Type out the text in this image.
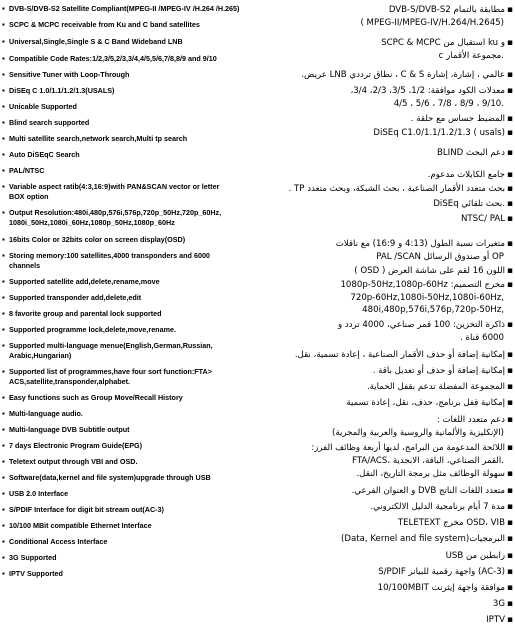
▪ DVB-S/DVB-S2 Satellite Compliant(MPEG-II /MPEG-IV /H.264 /H.265)
▪ SCPC & MCPC receivable from Ku and C band satellites
▪ Universal,Single,Single S & C Band Wideband LNB
▪ Compatible Code Rates:1/2,3/5,2/3,3/4,4/5,5/6,7/8,8/9 and 9/10
▪ Sensitive Tuner with Loop-Through
▪ DiSEq C 1.0/1.1/1.2/1.3(USALS)
▪ Unicable Supported
▪ Blind search supported
▪ Multi satellite search,network search,Multi tp search
▪ Auto DiSEqC Search
▪ PAL/NTSC
▪ Variable aspect ratib(4:3,16:9)with PAN&SCAN vector or letter
BOX option
▪ Output Resolution:480i,480p,576i,576p,720p_50Hz,720p_60Hz,
1080i_50Hz,1080i_60Hz,1080p_50Hz,1080p_60Hz
▪ 16bits Color or 32bits color on screen display(OSD)
▪ Storing memory:100 satellites,4000 transponders and 6000
channels
▪ Supported satellite add,delete,rename,move
▪ Supported transponder add,delete,edit
▪ 8 favorite group and parental lock supported
▪ Supported programme lock,delete,move,rename.
▪ Supported multi-language menue(English,German,Russian,
Arabic,Hungarian)
▪ Supported list of programmes,have four sort function:FTA>
ACS,satellite,transponder,alphabet.
▪ Easy functions such as Group Move/Recall History
▪ Multi-language audio.
▪ Multi-language DVB Subtitle output
▪ 7 days Electronic Program Guide(EPG)
▪ Teletext output through VBI and OSD.
▪ Software(data,kernel and file system)upgrade through USB
▪ USB 2.0 Interface
▪ S/PDIF Interface for digit bit stream out(AC-3)
▪ 10/100 MBit compatible Ethernet Interface
▪ Conditional Access Interface
▪ 3G Supported
▪ IPTV Supported
▪مطابقة بالتمام DVB-S/DVB-S2
( MPEG-II/MPEG-IV/H.264/H.2645)
▪SCPC & MCPC استقبال من ku و
c مجموعة الأقمار.
▪عالمي ، إشارة، إشارة C & S ، نطاق ترددي LNB عريض.
▪معدلات الكود موافقة: 1/2، 3/5، 2/3، 3/4،
4/5 ، 5/6 ، 7/8 ، 8/9 ، 9/10.
▪المضبط حساس مع حلقة .
▪DiSEq C1.0/1.1/1.2/1.3 ( usals)
▪BLIND دعم البحث
▪جامع الكابلات مدعوم.
▪بحث متعدد الأقمار الصناعية ، بحث الشبكة، وبحث متعدد TP .
▪DiSEq بحث تلقائي.
▪NTSC/ PAL
▪متغيرات نسبة الطول (4:13 و 16:9) مع ناقلات
PAL /SCAN أو صندوق الرسائل OP
▪اللون 16 لقم على شاشة العرض ( OSD )
▪مخرج التصميم: 1080p-50Hz,1080p-60Hz
720p-60Hz,1080i-50Hz,1080i-60Hz,
480i,480p,576i,576p,720p-50Hz,
▪ذاكرة التخزين: 100 قمر صناعي، 4000 تردد و
6000 قناة .
▪إمكانية إضافة أو حذف الأقمار الصناعية ، إعادة تسمية، نقل.
▪إمكانية إضافة أو حذف أو تعديل باقة .
▪المجموعة المفضلة تدعم بقفل الحماية.
▪إمكانية قفل برنامج، حذف، نقل، إعادة تسمية
▪دعم متعدد اللغات :
(الإنكليزية والألمانية والروسية والعربية والمجرية)
▪اللائحة المدعومة من البرامج، لديها أربعة وظائف الفرز:
FTA/ACS، القمر الصناعي، الباقة، الابجدية.
▪سهولة الوظائف مثل برمجة التاريخ، النقل.
▪متعدد اللغات الناتج DVB و العنوان الفرعي.
▪مدة 7 أيام برنامجية الدليل الالكتروني.
▪TELETEXT مخرج OSD، VIB
▪البرمجيات(Data, Kernel and file system)
▪رابطين من USB
▪S/PDIF واجهة رقمية للبيانر (AC-3)
▪10/100MBIT موافقة واجهة إيثرنت
▪3G
▪IPTV
